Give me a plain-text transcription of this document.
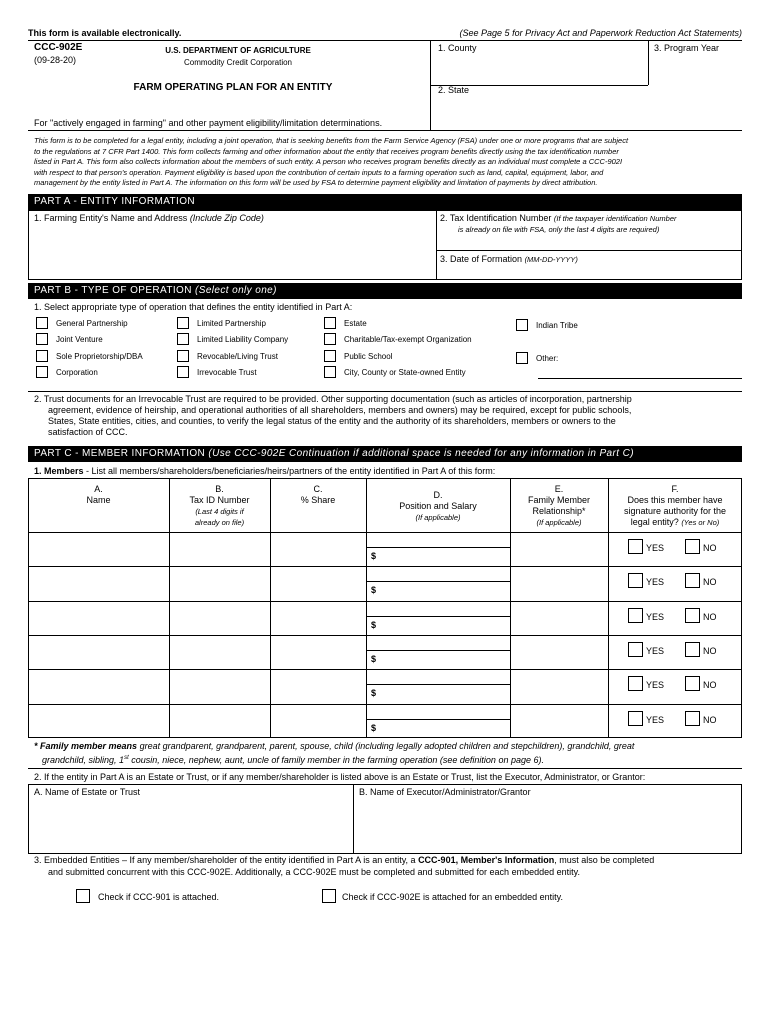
This form is available electronically.	(See Page 5 for Privacy Act and Paperwork Reduction Act Statements)
CCC-902E
(09-28-20)
U.S. DEPARTMENT OF AGRICULTURE
Commodity Credit Corporation
FARM OPERATING PLAN FOR AN ENTITY
1. County	3. Program Year
2. State
For "actively engaged in farming" and other payment eligibility/limitation determinations.
This form is to be completed for a legal entity, including a joint operation, that is seeking benefits from the Farm Service Agency (FSA) under one or more programs that are subject
to the regulations at 7 CFR Part 1400. This form collects farming and other information about the entity that receives program benefits directly using the tax identification number
listed in Part A. This form also collects information about the members of such entity. A person who receives program benefits directly as an individual must complete a CCC-902I
with respect to that person's operation. Payment eligibility is based upon the contribution of certain inputs to a farming operation such as land, capital, equipment, labor, and
management by the entity listed in Part A. The information on this form will be used by FSA to determine payment eligibility and limitation of payments by direct attribution.
PART A - ENTITY INFORMATION
1. Farming Entity's Name and Address (Include Zip Code)	2. Tax Identification Number (If the taxpayer identification Number
is already on file with FSA, only the last 4 digits are required)
3. Date of Formation (MM-DD-YYYY)
PART B - TYPE OF OPERATION (Select only one)
1. Select appropriate type of operation that defines the entity identified in Part A:
General Partnership
Joint Venture
Sole Proprietorship/DBA
Corporation
Limited Partnership
Limited Liability Company
Revocable/Living Trust
Irrevocable Trust
Estate
Charitable/Tax-exempt Organization
Public School
City, County or State-owned Entity
Indian Tribe
Other:
2. Trust documents for an Irrevocable Trust are required to be provided. Other supporting documentation (such as articles of incorporation, partnership
agreement, evidence of heirship, and operational authorities of all shareholders, members and owners) may be required, except for public schools,
States, State entities, cities, and counties, to verify the legal status of the entity and the authority of its shareholders, members or owners to the
satisfaction of CCC.
PART C - MEMBER INFORMATION (Use CCC-902E Continuation if additional space is needed for any information in Part C)
1. Members - List all members/shareholders/beneficiaries/heirs/partners of the entity identified in Part A of this form:
A.
Name
B.
Tax ID Number
(Last 4 digits if
already on file)
C.
% Share	D.
Position and Salary
(If applicable)
E.
Family Member
Relationship*
(If applicable)
F.
Does this member have
signature authority for the
legal entity? (Yes or No)
$
YES	NO
$
YES	NO
$
YES	NO
$
YES	NO
$
YES	NO
$
YES	NO
* Family member means great grandparent, grandparent, parent, spouse, child (including legally adopted children and stepchildren), grandchild, great
grandchild, sibling, 1st cousin, niece, nephew, aunt, uncle of family member in the farming operation (see definition on page 6).
2. If the entity in Part A is an Estate or Trust, or if any member/shareholder is listed above is an Estate or Trust, list the Executor, Administrator, or Grantor:
A. Name of Estate or Trust	B. Name of Executor/Administrator/Grantor
3. Embedded Entities – If any member/shareholder of the entity identified in Part A is an entity, a CCC-901, Member's Information, must also be completed
and submitted concurrent with this CCC-902E. Additionally, a CCC-902E must be completed and submitted for each embedded entity.
Check if CCC-901 is attached.	Check if CCC-902E is attached for an embedded entity.
